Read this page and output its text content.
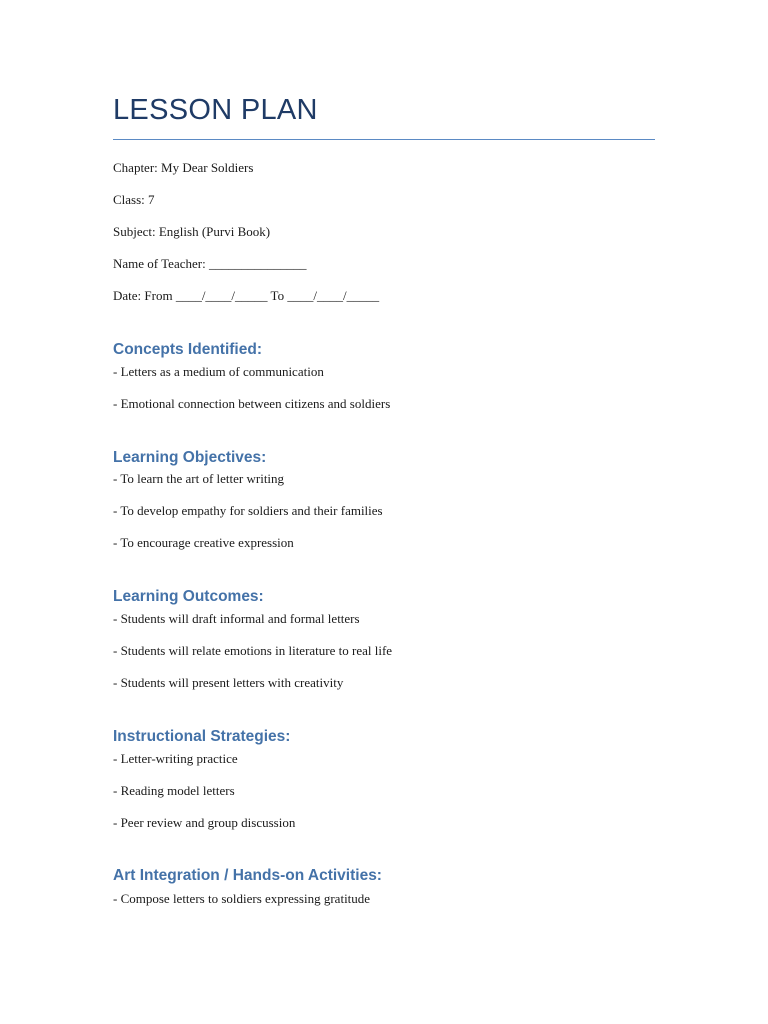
LESSON PLAN
Chapter: My Dear Soldiers
Class: 7
Subject: English (Purvi Book)
Name of Teacher: _______________
Date: From ____/____/_____ To ____/____/_____
Concepts Identified:
- Letters as a medium of communication
- Emotional connection between citizens and soldiers
Learning Objectives:
- To learn the art of letter writing
- To develop empathy for soldiers and their families
- To encourage creative expression
Learning Outcomes:
- Students will draft informal and formal letters
- Students will relate emotions in literature to real life
- Students will present letters with creativity
Instructional Strategies:
- Letter-writing practice
- Reading model letters
- Peer review and group discussion
Art Integration / Hands-on Activities:
- Compose letters to soldiers expressing gratitude
